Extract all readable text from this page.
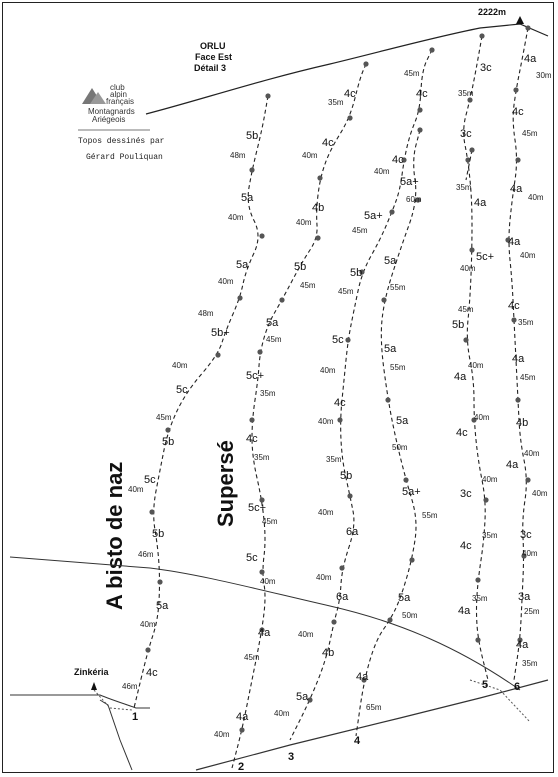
2222m
ORLU
Face Est
Détail 3
club
alpin
français
Montagnards
Ariégeois
Topos dessinés par
Gérard Pouliquan
A bisto de naz	Supersé
Zinkéria
5b
48m
5a
40m
5a
40m
48m
5b+
40m
5c
45m
5b
5c
40m
5b
46m
5a
40m
4c
46m
45m
4c
35m
4c
40m
4b
40m
5b
45m
5a
45m
5c+
35m
4c
35m
5c+
45m
5c
40m
4a
45m
4a
40m
4c
40m
4c
5a+
60m
5a+
45m
5b
45m
5c
40m
4c
40m
5b
35m
6a
40m
6a
40m
4b
40m
5a
40m
5a
55m
5a
55m
5a
50m
5a+
55m
5a
50m
4a
65m
3c
35m
3c
35m
4a
40m
5c+
45m
5b
40m
4a
40m
4c
40m
3c
35m
4c
35m
4a
4a
30m
4c
45m
4a
40m
4a
40m
4c
35m
4a
45m
4b
40m
4a
40m
3c
40m
3a
25m
4a
35m
1
2
3
4
5 6
